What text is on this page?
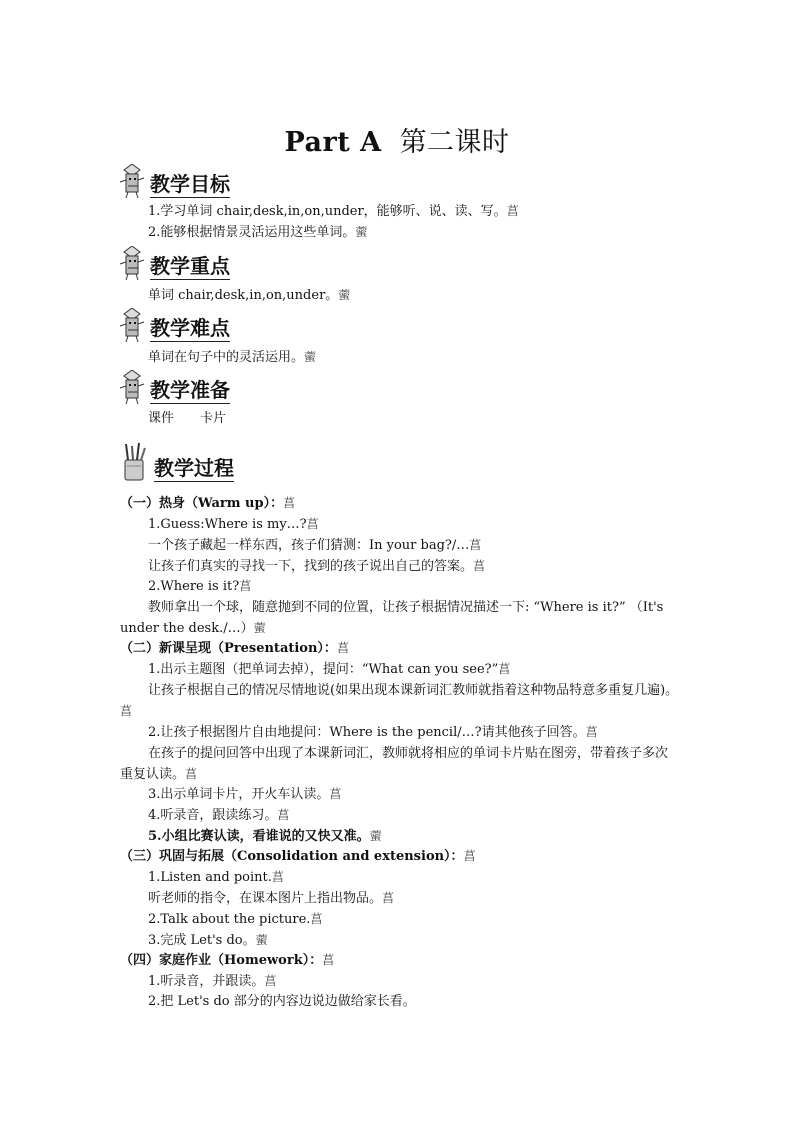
Part A 第二课时
教学目标
1.学习单词 chair,desk,in,on,under，能够听、说、读、写。菖
2.能够根据情景灵活运用这些单词。藌
教学重点
单词 chair,desk,in,on,under。藌
教学难点
单词在句子中的灵活运用。藌
教学准备
课件　　卡片
教学过程
（一）热身（Warm up）：菖
1.Guess:Where is my…?菖
一个孩子藏起一样东西，孩子们猜测：In your bag?/…菖
让孩子们真实的寻找一下，找到的孩子说出自己的答案。菖
2.Where is it?菖
教师拿出一个球，随意抛到不同的位置，让孩子根据情况描述一下: “Where is it?” （It's under the desk./…）藌
（二）新课呈现（Presentation）：菖
1.出示主题图（把单词去掉），提问：“What can you see?”菖
让孩子根据自己的情况尽情地说(如果出现本课新词汇教师就指着这种物品特意多重复几遍)。菖
2.让孩子根据图片自由地提问：Where is the pencil/…?请其他孩子回答。菖
在孩子的提问回答中出现了本课新词汇，教师就将相应的单词卡片贴在图旁，带着孩子多次重复认读。菖
3.出示单词卡片，开火车认读。菖
4.听录音，跟读练习。菖
5.小组比赛认读，看谁说的又快又准。藌
（三）巩固与拓展（Consolidation and extension）：菖
1.Listen and point.菖
听老师的指令，在课本图片上指出物品。菖
2.Talk about the picture.菖
3.完成 Let's do。藌
（四）家庭作业（Homework）：菖
1.听录音，并跟读。菖
2.把 Let's do 部分的内容边说边做给家长看。
